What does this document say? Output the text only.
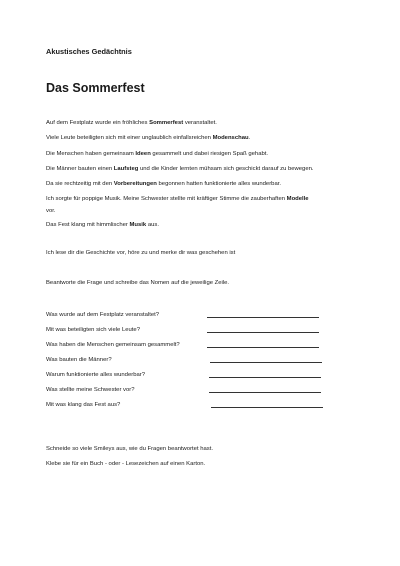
Akustisches Gedächtnis
Das Sommerfest
Auf dem Festplatz wurde ein fröhliches Sommerfest veranstaltet.
Viele Leute beteiligten sich mit einer unglaublich einfallsreichen Modenschau.
Die Menschen haben gemeinsam Ideen gesammelt und dabei riesigen Spaß gehabt.
Die Männer bauten einen Laufsteg und die Kinder lernten mühsam sich geschickt darauf zu bewegen.
Da sie rechtzeitig mit den Vorbereitungen begonnen hatten funktionierte alles wunderbar.
Ich sorgte für poppige Musik. Meine Schwester stellte mit kräftiger Stimme die zauberhaften Modelle
vor.
Das Fest klang mit himmlischer Musik aus.
Ich lese dir die Geschichte vor, höre zu und merke dir was geschehen ist
Beantworte die Frage und schreibe das Nomen auf die jeweilige Zeile.
Was wurde auf dem Festplatz veranstaltet?
Mit was beteiligten sich viele Leute?
Was haben die Menschen gemeinsam gesammelt?
Was bauten die Männer?
Warum funktionierte alles wunderbar?
Was stellte meine Schwester vor?
Mit was klang das Fest aus?
Schneide so viele Smileys aus, wie du Fragen beantwortet hast.
Klebe sie für ein Buch - oder - Lesezeichen auf einen Karton.
